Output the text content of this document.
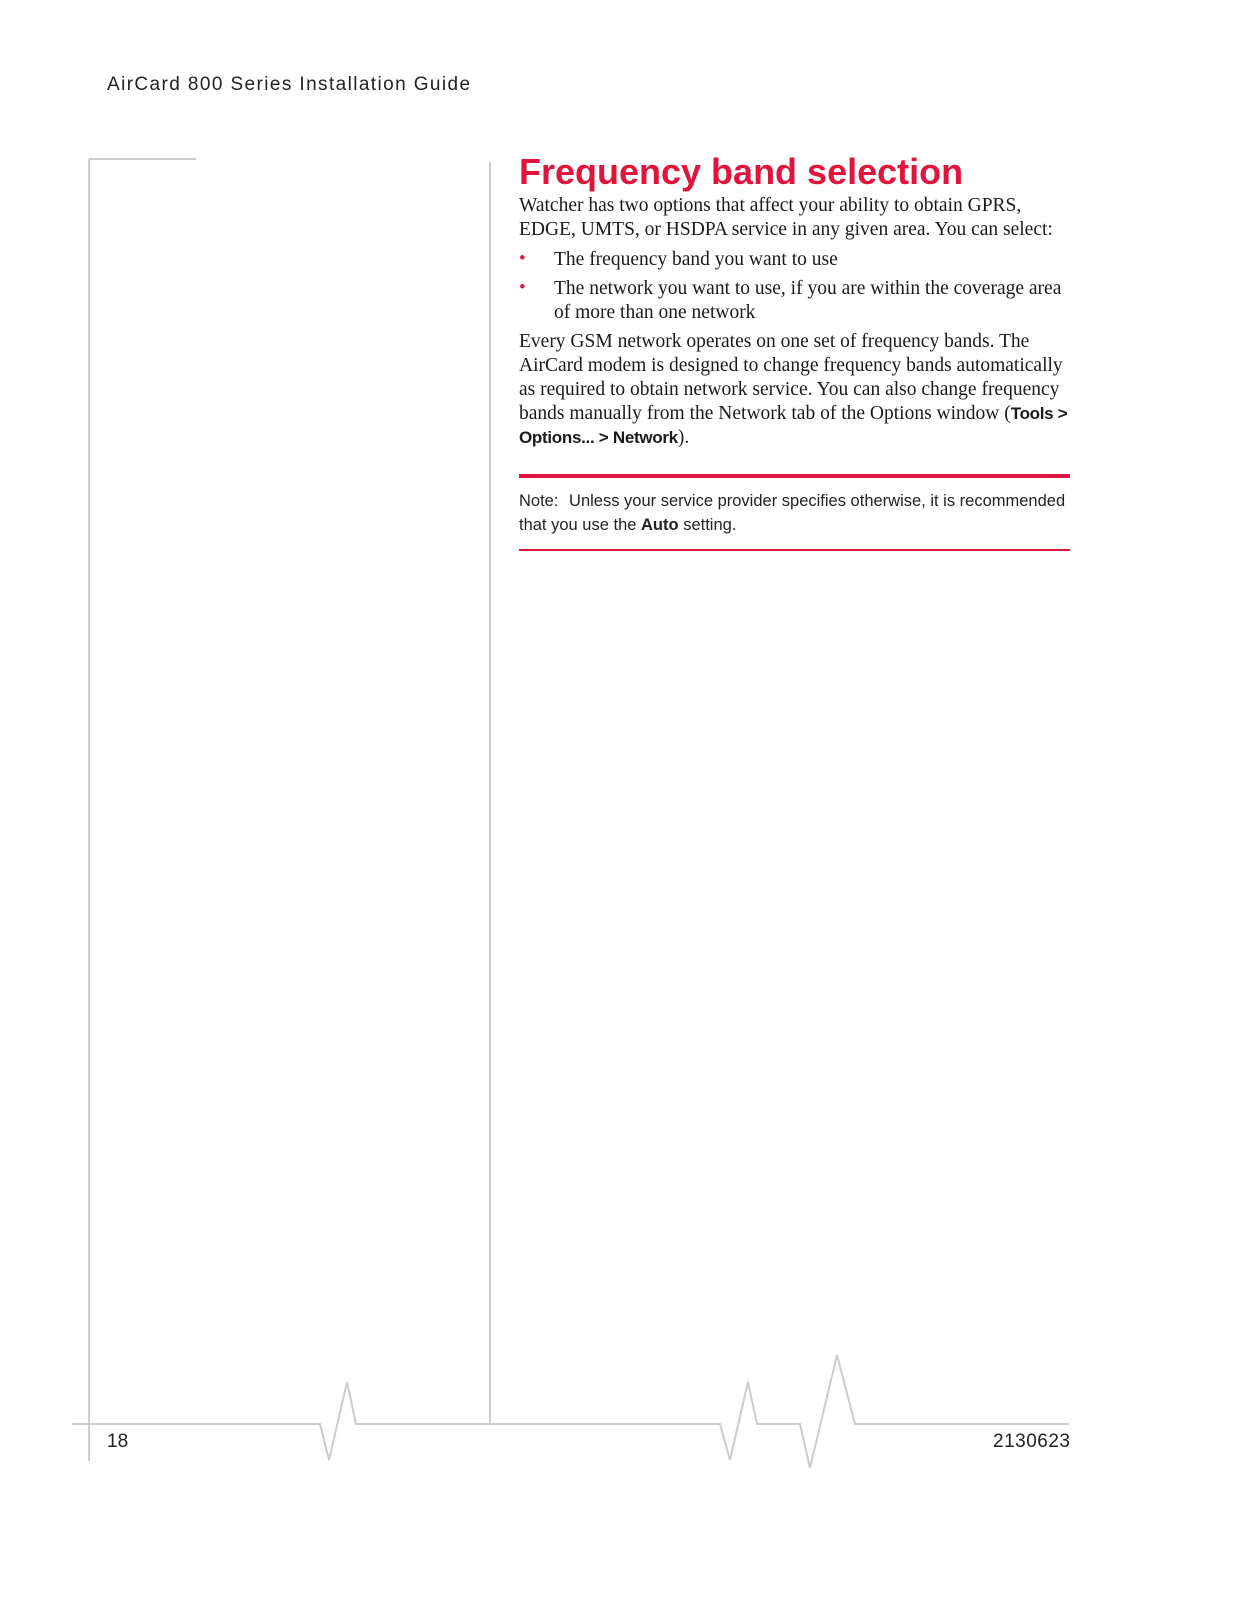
AirCard 800 Series Installation Guide

Frequency band selection

Watcher has two options that affect your ability to obtain GPRS, EDGE, UMTS, or HSDPA service in any given area. You can select:

• The frequency band you want to use
• The network you want to use, if you are within the coverage area of more than one network

Every GSM network operates on one set of frequency bands. The AirCard modem is designed to change frequency bands automatically as required to obtain network service. You can also change frequency bands manually from the Network tab of the Options window (Tools > Options... > Network).

Note: Unless your service provider specifies otherwise, it is recommended that you use the Auto setting.

18	2130623
